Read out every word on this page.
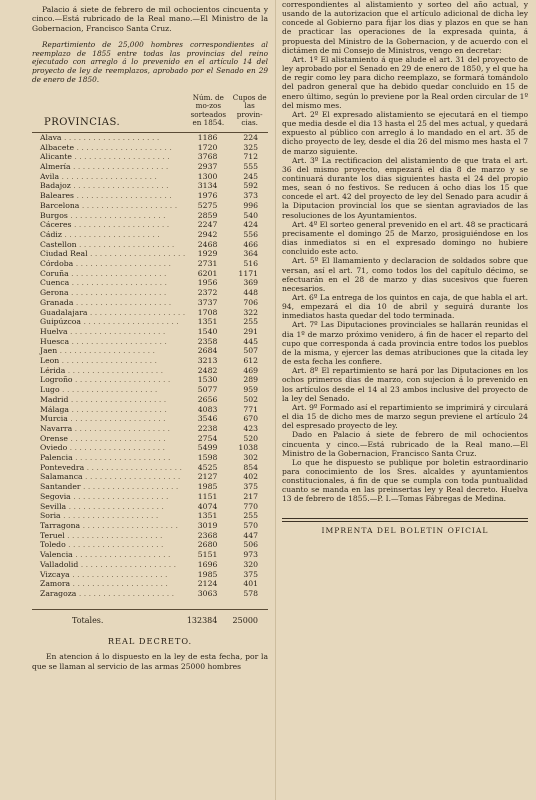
Palacio á siete de febrero de mil ochocientos cincuenta y cinco.—Está rubricado de la Real mano.—El Ministro de la Gobernacion, Francisco Santa Cruz.

Repartimiento de 25,000 hombres correspondientes al reemplazo de 1855 entre todas las provincias del reino ejecutado con arreglo á lo prevenido en el artículo 14 del proyecto de ley de reemplazos, aprobado por el Senado en 29 de enero de 1850.

PROVINCIAS.	Núm. de mo-zos sorteados en 1854.	Cupos de las provin-cias.
Alava . . .	1186	224
Albacete . . .	1720	325
Alicante . . .	3768	712
Almería . . .	2937	555
Avila . . .	1300	245
Badajoz . . .	3134	592
Baleares . . .	1976	373
Barcelona . . .	5275	996
Burgos . . .	2859	540
Cáceres . . .	2247	424
Cádiz . . .	2942	556
Castellon . . .	2468	466
Ciudad Real . . .	1929	364
Córdoba . . .	2731	516
Coruña . . .	6201	1171
Cuenca . . .	1956	369
Gerona . . .	2372	448
Granada . . .	3737	706
Guadalajara . . .	1708	322
Guipúzcoa . . .	1351	255
Huelva . . .	1540	291
Huesca . . .	2358	445
Jaen . . .	2684	507
Leon . . .	3213	612
Lérida . . .	2482	469
Logroño . . .	1530	289
Lugo . . .	5077	959
Madrid . . .	2656	502
Málaga . . .	4083	771
Murcia . . .	3546	670
Navarra . . .	2238	423
Orense . . .	2754	520
Oviedo . . .	5499	1038
Palencia . . .	1598	302
Pontevedra . . .	4525	854
Salamanca . . .	2127	402
Santander . . .	1985	375
Segovia . . .	1151	217
Sevilla . . .	4074	770
Soria . . .	1351	255
Tarragona . . .	3019	570
Teruel . . .	2368	447
Toledo . . .	2680	506
Valencia . . .	5151	973
Valladolid . . .	1696	320
Vizcaya . . .	1985	375
Zamora . . .	2124	401
Zaragoza . . .	3063	578

Totales.	132384	25000

REAL DECRETO.

En atencion á lo dispuesto en la ley de esta fecha, por la que se llaman al servicio de las armas 25000 hombres

correspondientes al alistamiento y sorteo del año actual, y usando de la autorizacion que el artículo adicional de dicha ley concede al Gobierno para fijar los dias y plazos en que se han de practicar las operaciones de la expresada quinta, á propuesta del Ministro de la Gobernacion, y de acuerdo con el dictámen de mi Consejo de Ministros, vengo en decretar:

Art. 1º El alistamiento á que alude el art. 31 del proyecto de ley aprobado por el Senado en 29 de enero de 1850, y el que ha de regir como ley para dicho reemplazo, se formará tomándolo del padron general que ha debido quedar concluido en 15 de enero último, según lo previene por la Real orden circular de 1º del mismo mes.

Art. 2º El expresado alistamiento se ejecutará en el tiempo que media desde el dia 13 hasta el 25 del mes actual, y quedará expuesto al público con arreglo á lo mandado en el art. 35 de dicho proyecto de ley, desde el dia 26 del mismo mes hasta el 7 de marzo siguiente.

Art. 3º La rectificacion del alistamiento de que trata el art. 36 del mismo proyecto, empezará el dia 8 de marzo y se continuará durante los dias siguientes hasta el 24 del propio mes, sean ó no festivos. Se reducen á ocho dias los 15 que concede el art. 42 del proyecto de ley del Senado para acudir á la Diputacion provincial los que se sientan agraviados de las resoluciones de los Ayuntamientos.

Art. 4º El sorteo general prevenido en el art. 48 se practicará precisamente el domingo 25 de Marzo, prosiguiéndose en los dias inmediatos si en el expresado domingo no hubiere concluido este acto.

Art. 5º El llamamiento y declaracion de soldados sobre que versan, así el art. 71, como todos los del capítulo décimo, se efectuarán en el 28 de marzo y dias sucesivos que fueren necesarios.

Art. 6º La entrega de los quintos en caja, de que habla el art. 94, empezará el dia 10 de abril y seguirá durante los inmediatos hasta quedar del todo terminada.

Art. 7º Las Diputaciones provinciales se hallarán reunidas el dia 1º de marzo próximo venidero, á fin de hacer el reparto del cupo que corresponda á cada provincia entre todos los pueblos de la misma, y ejercer las demas atribuciones que la citada ley de esta fecha les confiere.

Art. 8º El repartimiento se hará por las Diputaciones en los ochos primeros dias de marzo, con sujecion á lo prevenido en los artículos desde el 14 al 23 ambos inclusive del proyecto de la ley del Senado.

Art. 9º Formado así el repartimiento se imprimirá y circulará el dia 15 de dicho mes de marzo segun previene el artículo 24 del espresado proyecto de ley.

Dado en Palacio á siete de febrero de mil ochocientos cincuenta y cinco.—Está rubricado de la Real mano.—El Ministro de la Gobernacion, Francisco Santa Cruz.

Lo que he dispuesto se publique por boletin estraordinario para conocimiento de los Sres. alcaldes y ayuntamientos constitucionales, á fin de que se cumpla con toda puntualidad cuanto se manda en las preinsertas ley y Real decreto. Huelva 13 de febrero de 1855.—P. I.—Tomas Fábregas de Medina.

IMPRENTA DEL BOLETIN OFICIAL
